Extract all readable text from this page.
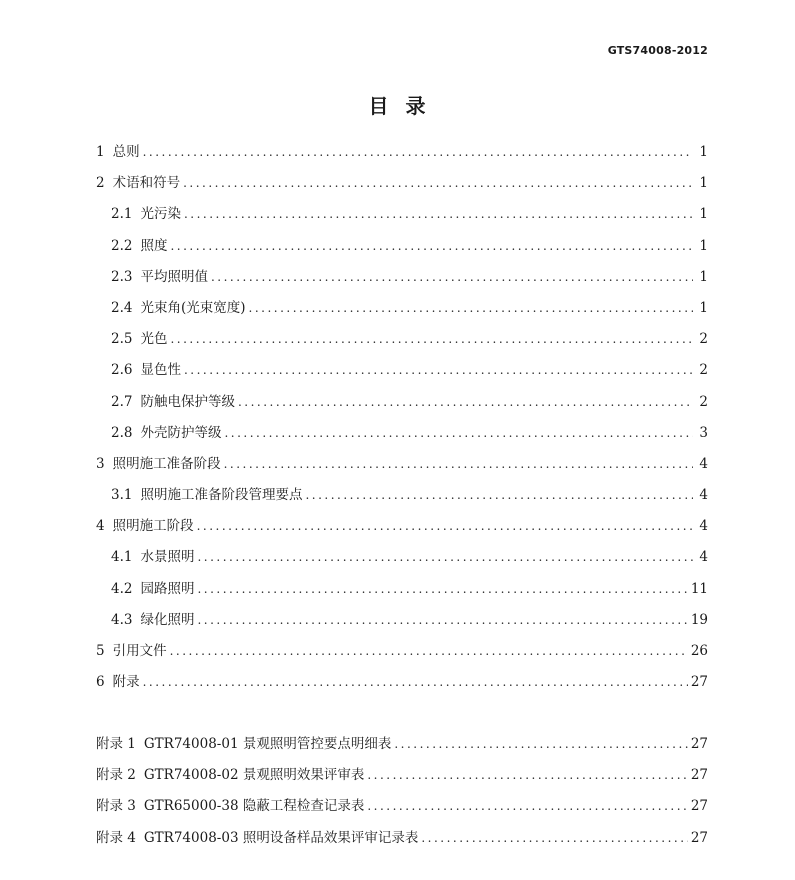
GTS74008-2012
目  录
1 总则 .....	1
2 术语和符号 .....	1
2.1 光污染 .....	1
2.2 照度 .....	1
2.3 平均照明值 .....	1
2.4 光束角(光束宽度) .....	1
2.5 光色 .....	2
2.6 显色性 .....	2
2.7 防触电保护等级 .....	2
2.8 外壳防护等级 .....	3
3 照明施工准备阶段 .....	4
3.1 照明施工准备阶段管理要点 .....	4
4 照明施工阶段 .....	4
4.1 水景照明 .....	4
4.2 园路照明 .....	11
4.3 绿化照明 .....	19
5 引用文件 .....	26
6 附录 .....	27
附录 1 GTR74008-01 景观照明管控要点明细表 .....	27
附录 2 GTR74008-02 景观照明效果评审表 .....	27
附录 3 GTR65000-38 隐蔽工程检查记录表 .....	27
附录 4 GTR74008-03 照明设备样品效果评审记录表 .....	27
